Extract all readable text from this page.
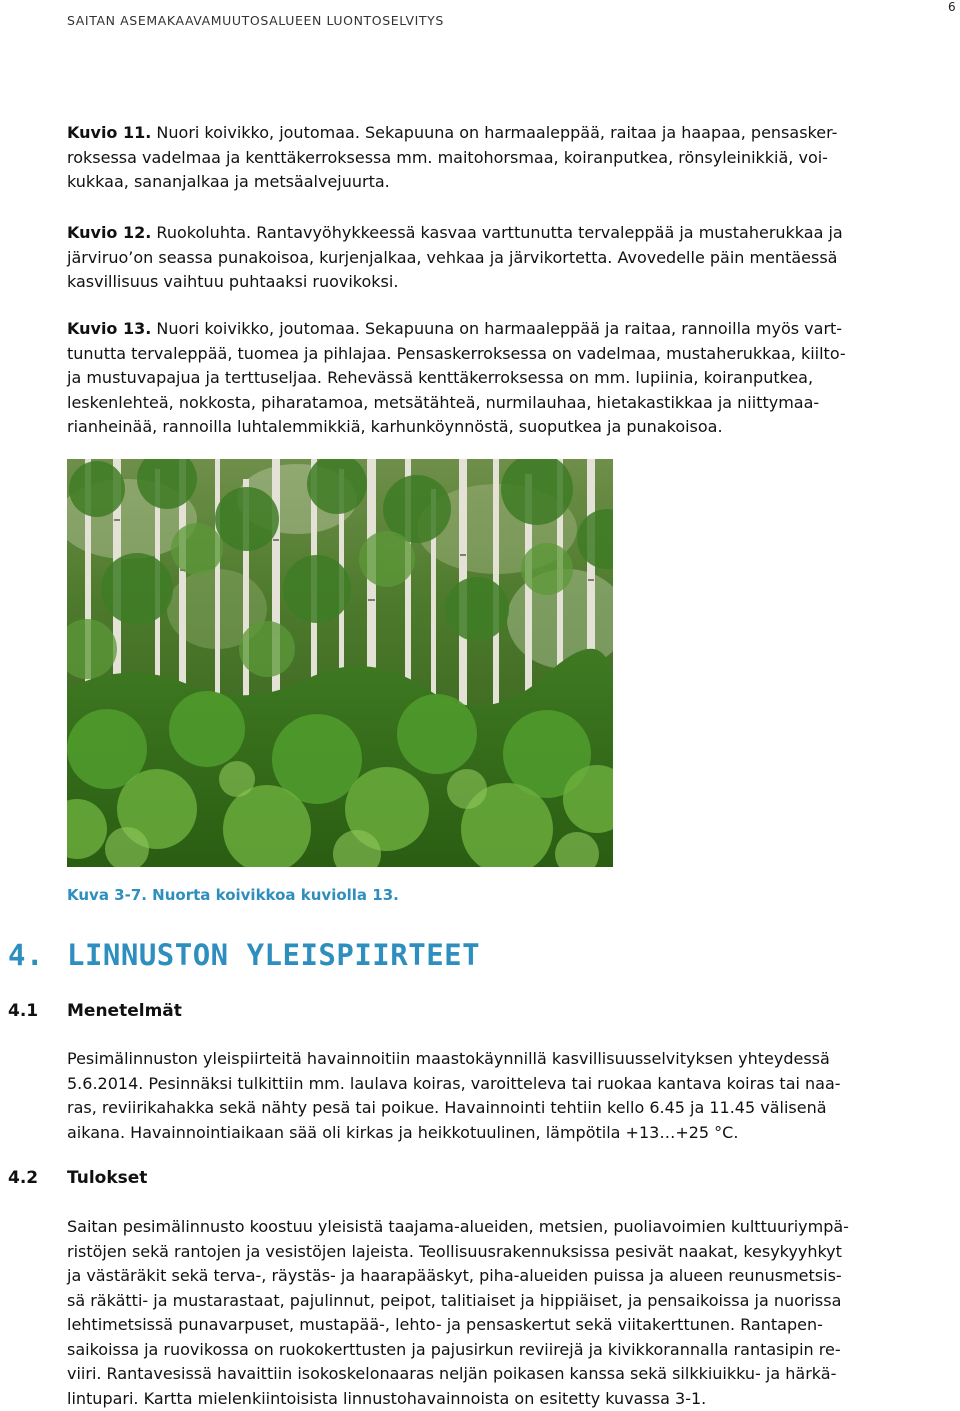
6
SAITAN ASEMAKAAVAMUUTOSALUEEN LUONTOSELVITYS
Kuvio 11. Nuori koivikko, joutomaa. Sekapuuna on harmaaleppää, raitaa ja haapaa, pensasker-
roksessa vadelmaa ja kenttäkerroksessa mm. maitohorsmaa, koiranputkea, rönsyleinikkiä, voi-
kukkaa, sananjalkaa ja metsäalvejuurta.
Kuvio 12. Ruokoluhta. Rantavyöhykkeessä kasvaa varttunutta tervaleppää ja mustaherukkaa ja
järviruo’on seassa punakoisoa, kurjenjalkaa, vehkaa ja järvikortetta. Avovedelle päin mentäessä
kasvillisuus vaihtuu puhtaaksi ruovikoksi.
Kuvio 13. Nuori koivikko, joutomaa. Sekapuuna on harmaaleppää ja raitaa, rannoilla myös vart-
tunutta tervaleppää, tuomea ja pihlajaa. Pensaskerroksessa on vadelmaa, mustaherukkaa, kiilto-
ja mustuvapajua ja terttuseljaa. Rehevässä kenttäkerroksessa on mm. lupiinia, koiranputkea,
leskenlehteä, nokkosta, piharatamoa, metsätähteä, nurmilauhaa, hietakastikkaa ja niittymaa-
rianheinää, rannoilla luhtalemmikkiä, karhunköynnöstä, suoputkea ja punakoisoa.
Kuva 3-7. Nuorta koivikkoa kuviolla 13.
4. LINNUSTON YLEISPIIRTEET
4.1 Menetelmät
Pesimälinnuston yleispiirteitä havainnoitiin maastokäynnillä kasvillisuusselvityksen yhteydessä
5.6.2014. Pesinnäksi tulkittiin mm. laulava koiras, varoitteleva tai ruokaa kantava koiras tai naa-
ras, reviirikahakka sekä nähty pesä tai poikue. Havainnointi tehtiin kello 6.45 ja 11.45 välisenä
aikana. Havainnointiaikaan sää oli kirkas ja heikkotuulinen, lämpötila +13…+25 °C.
4.2 Tulokset
Saitan pesimälinnusto koostuu yleisistä taajama-alueiden, metsien, puoliavoimien kulttuuriympä-
ristöjen sekä rantojen ja vesistöjen lajeista. Teollisuusrakennuksissa pesivät naakat, kesykyyhkyt
ja västäräkit sekä terva-, räystäs- ja haarapääskyt, piha-alueiden puissa ja alueen reunusmetsis-
sä räkätti- ja mustarastaat, pajulinnut, peipot, talitiaiset ja hippiäiset, ja pensaikoissa ja nuorissa
lehtimetsissä punavarpuset, mustapää-, lehto- ja pensaskertut sekä viitakerttunen. Rantapen-
saikoissa ja ruovikossa on ruokokerttusten ja pajusirkun reviirejä ja kivikkorannalla rantasipin re-
viiri. Rantavesissä havaittiin isokoskelonaaras neljän poikasen kanssa sekä silkkiuikku- ja härkä-
lintupari. Kartta mielenkiintoisista linnustohavainnoista on esitetty kuvassa 3-1.
